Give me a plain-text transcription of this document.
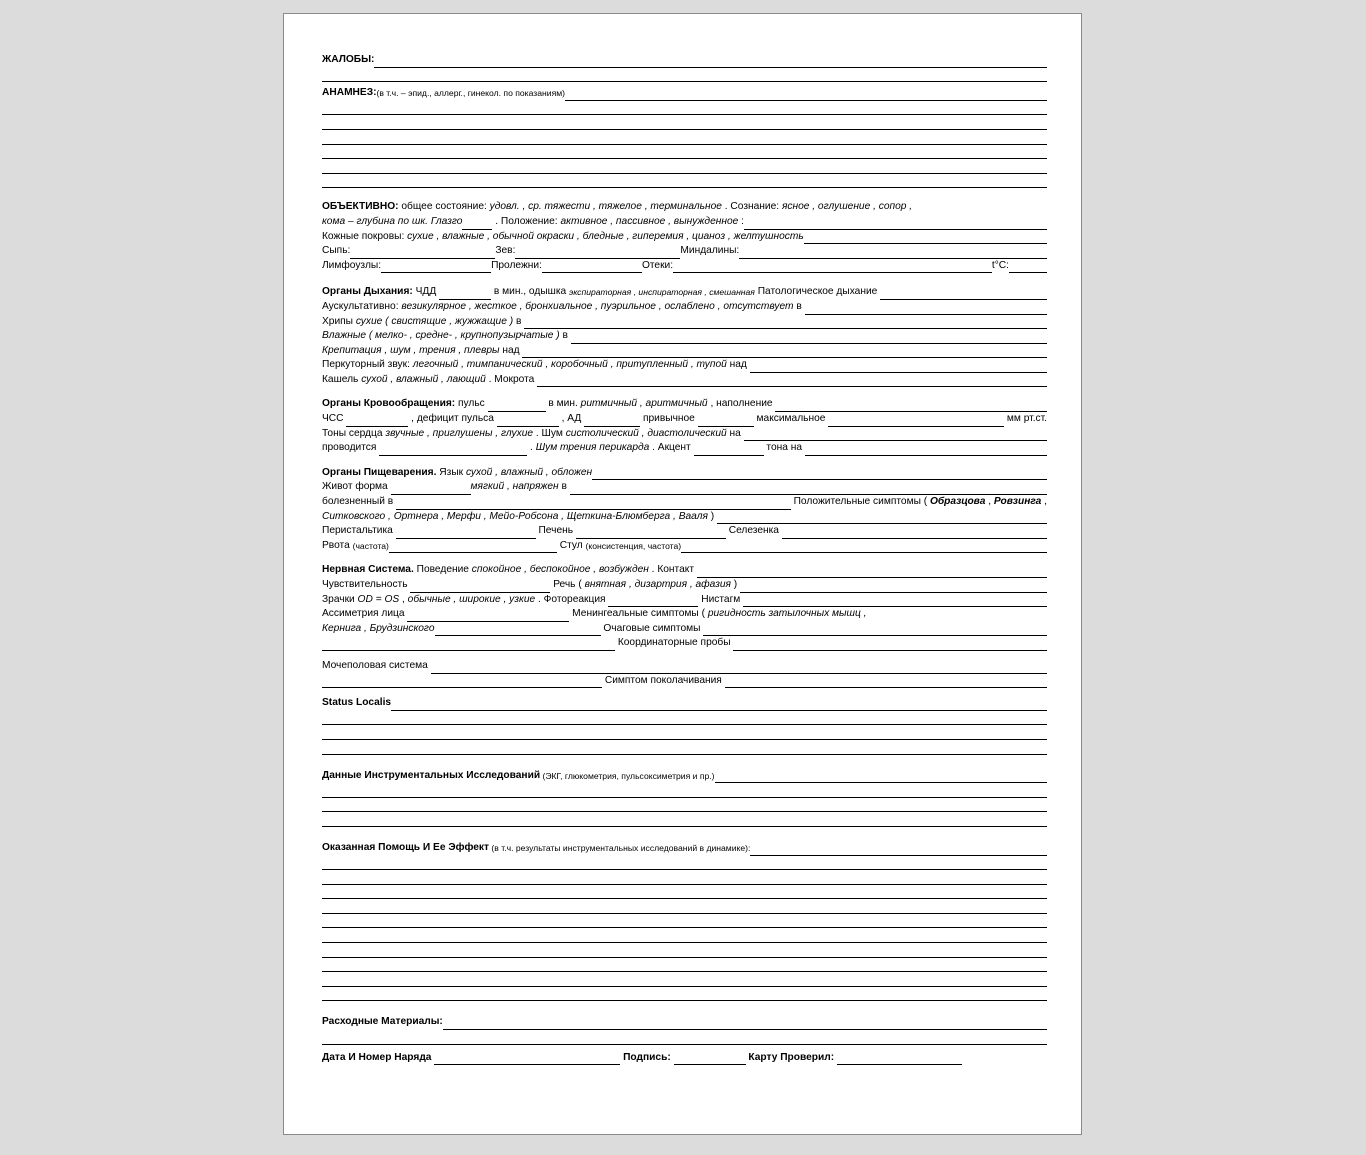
ЖАЛОБЫ:
АНАМНЕЗ: (в т.ч. – эпид., аллерг., гинекол. по показаниям)
ОБЪЕКТИВНО: общее состояние: удовл. , ср. тяжести , тяжелое , терминальное . Сознание: ясное , оглушение , сопор ,
кома – глубина по шк. Глазго	. Положение: активное , пассивное , вынужденное :
Кожные покровы: сухие , влажные , обычной окраски , бледные , гиперемия , цианоз , желтушность
Сыпь:	Зев:	Миндалины:
Лимфоузлы:	Пролежни:	Отеки:	t°C:
Органы Дыхания: ЧДД	в мин., одышка экспираторная , инспираторная , смешанная Патологическое дыхание
Аускультативно: везикулярное , жесткое , бронхиальное , пуэрильное , ослаблено , отсутствует в
Хрипы сухие ( свистящие , жужжащие ) в
Влажные ( мелко- , средне- , крупнопузырчатые ) в
Крепитация , шум , трения , плевры над
Перкуторный звук: легочный , тимпанический , коробочный , притупленный , тупой над
Кашель сухой , влажный , лающий . Мокрота
Органы Кровообращения: пульс	в мин. ритмичный , аритмичный , наполнение
ЧСС	, дефицит пульса	, АД	привычное	максимальное	мм рт.ст.
Тоны сердца звучные , приглушены , глухие . Шум систолический , диастолический на
проводится	. Шум трения перикарда . Акцент	тона на
Органы Пищеварения. Язык сухой , влажный , обложен
Живот форма	мягкий , напряжен в
болезненный в	Положительные симптомы ( Образцова , Ровзинга ,
Ситковского , Ортнера , Мерфи , Мейо-Робсона , Щеткина-Блюмберга , Вааля )
Перистальтика	Печень	Селезенка
Рвота (частота)	Стул (консистенция, частота)
Нервная Система. Поведение спокойное , беспокойное , возбужден . Контакт
Чувствительность	Речь ( внятная , дизартрия , афазия )
Зрачки OD = OS , обычные , широкие , узкие . Фотореакция	Нистагм
Ассиметрия лица	Менингеальные симптомы ( ригидность затылочных мышц ,
Кернига , Брудзинского	Очаговые симптомы
Координаторные пробы
Мочеполовая система
Симптом поколачивания
Status Localis
Данные Инструментальных Исследований (ЭКГ, глюкометрия, пульсоксиметрия и пр.)
Оказанная Помощь И Ее Эффект (в т.ч. результаты инструментальных исследований в динамике):
Расходные Материалы:
Дата И Номер Наряда	Подпись:	Карту Проверил:
